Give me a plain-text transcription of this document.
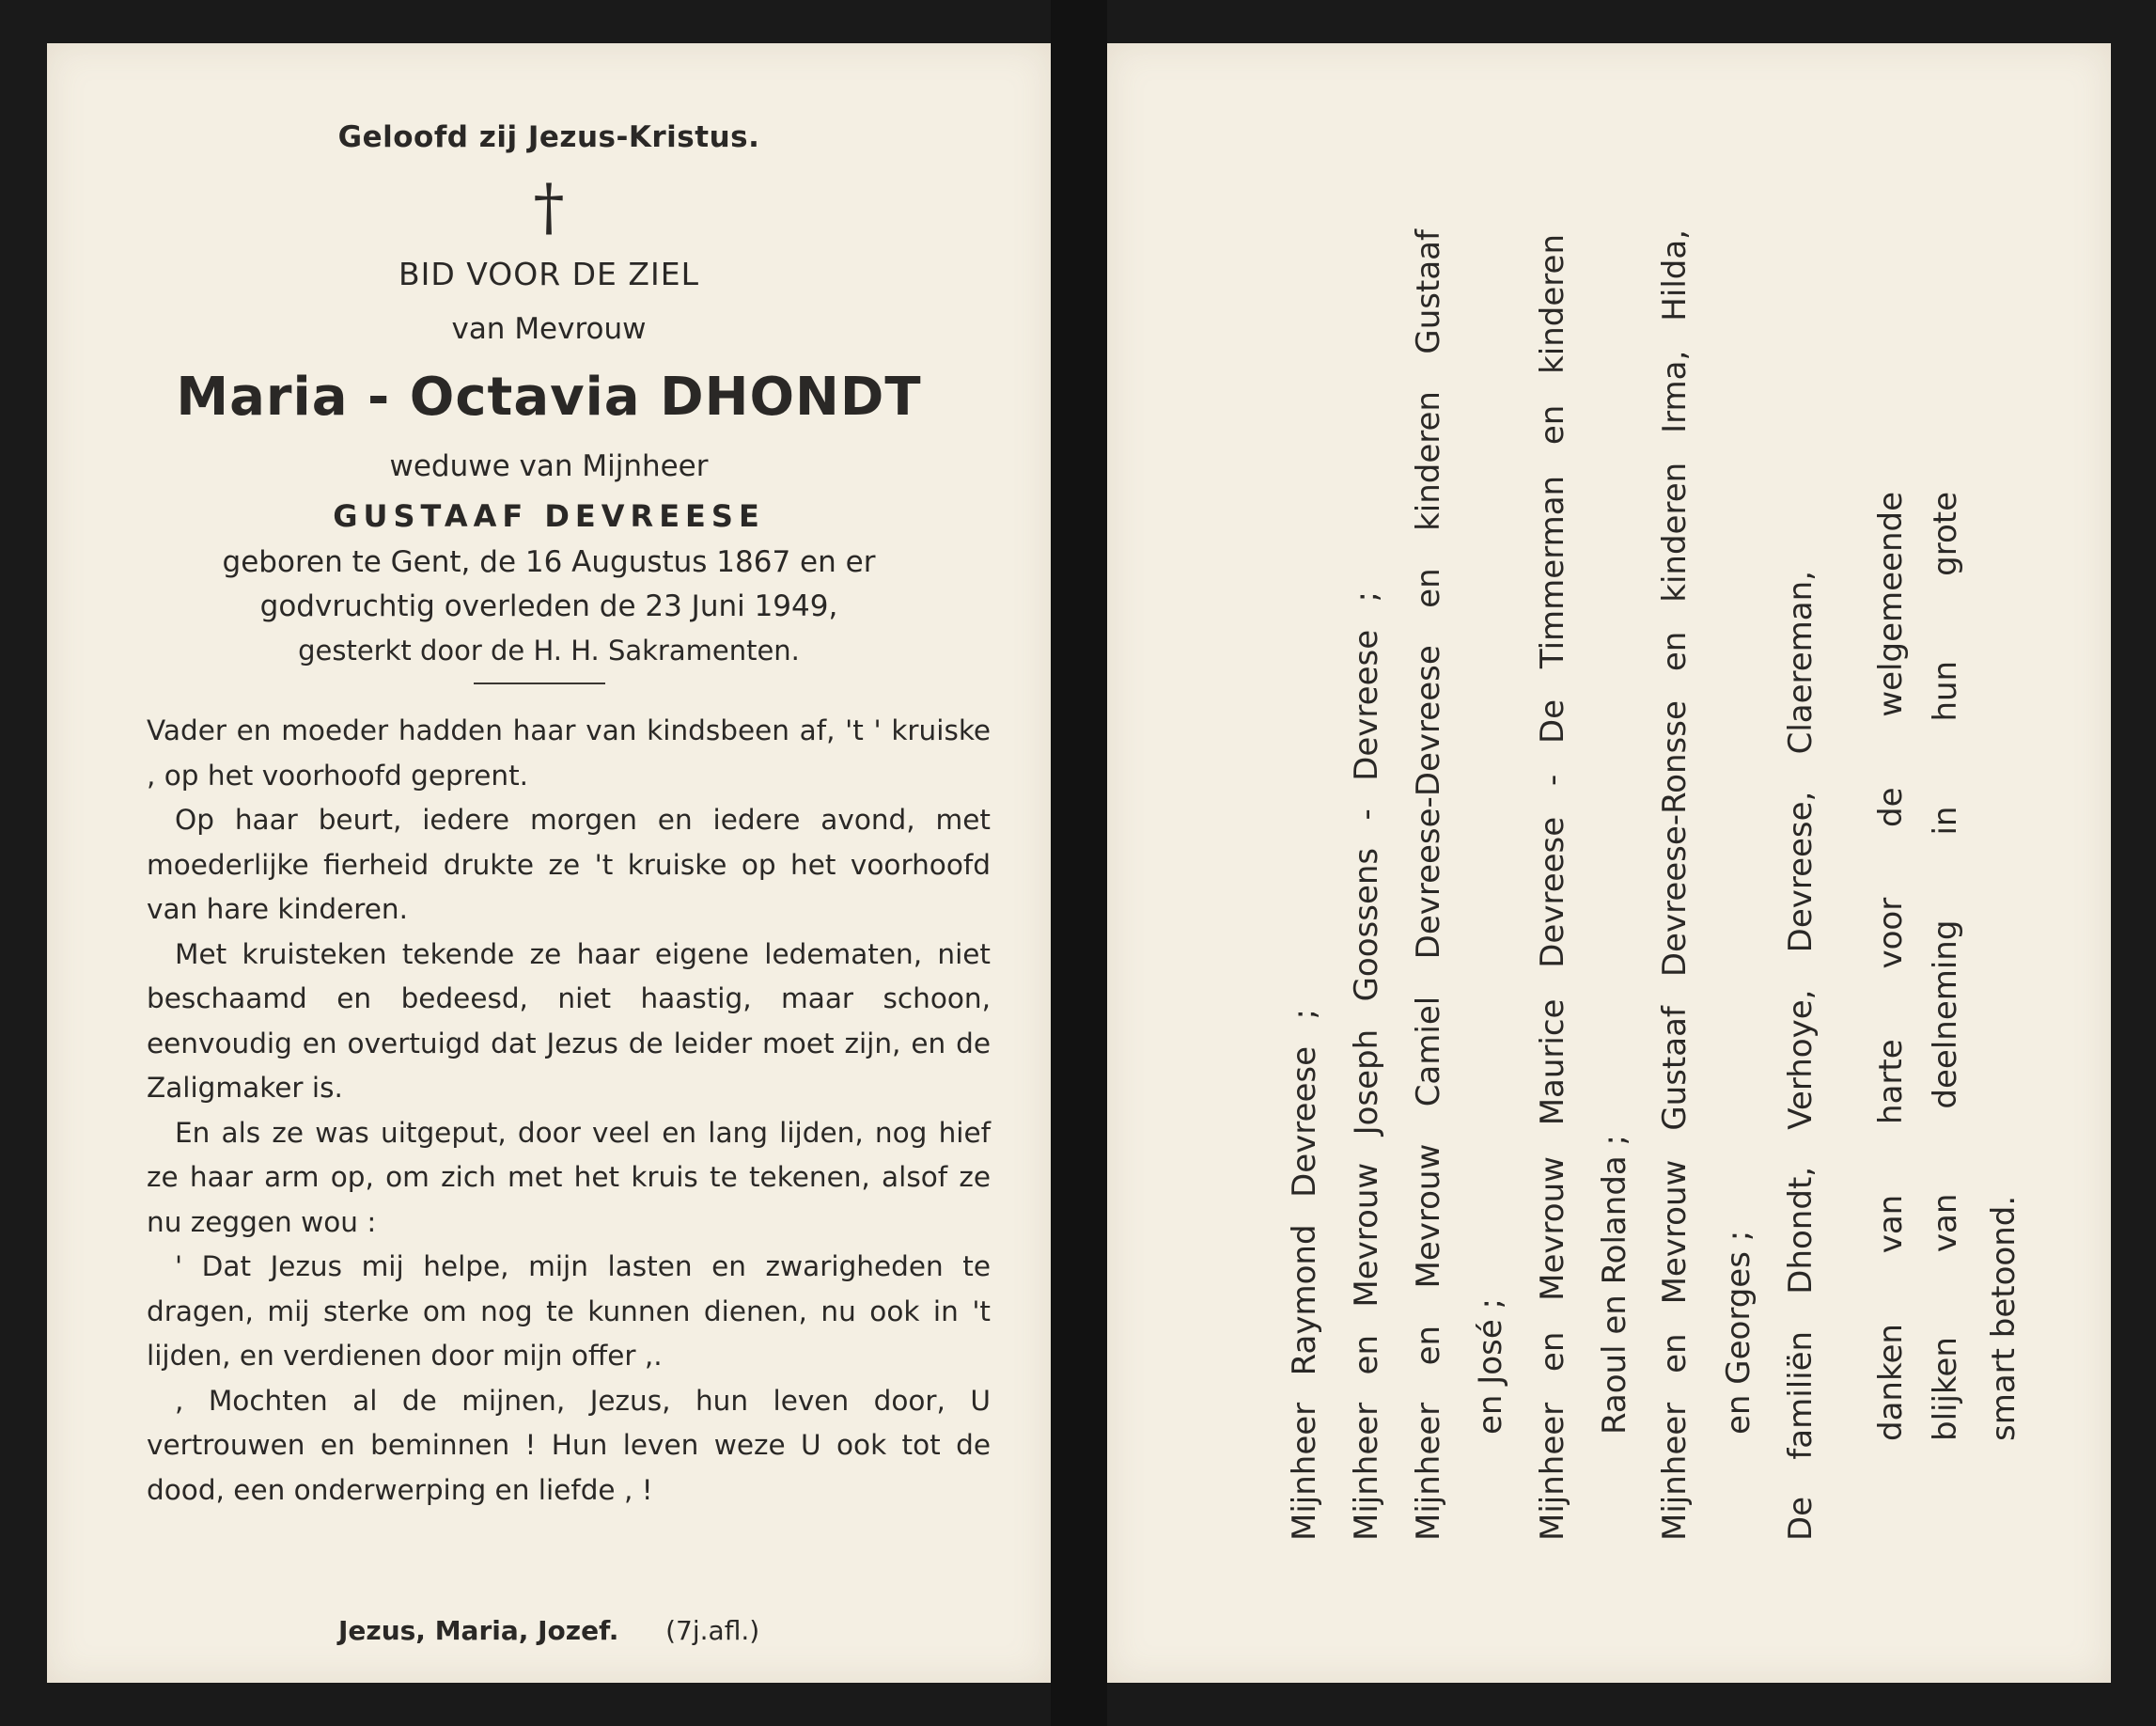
Geloofd zij Jezus-Kristus.
†
BID VOOR DE ZIEL
van Mevrouw
Maria - Octavia DHONDT
weduwe van Mijnheer
GUSTAAF DEVREESE
geboren te Gent, de 16 Augustus 1867 en er
godvruchtig overleden de 23 Juni 1949,
gesterkt door de H. H. Sakramenten.

Vader en moeder hadden haar van kindsbeen af, 't ' kruiske , op het voorhoofd geprent.

Op haar beurt, iedere morgen en iedere avond, met moederlijke fierheid drukte ze 't kruiske op het voorhoofd van hare kinderen.

Met kruisteken tekende ze haar eigene ledematen, niet beschaamd en bedeesd, niet haastig, maar schoon, eenvoudig en overtuigd dat Jezus de leider moet zijn, en de Zaligmaker is.

En als ze was uitgeput, door veel en lang lijden, nog hief ze haar arm op, om zich met het kruis te tekenen, alsof ze nu zeggen wou :

' Dat Jezus mij helpe, mijn lasten en zwarigheden te dragen, mij sterke om nog te kunnen dienen, nu ook in 't lijden, en verdienen door mijn offer ,.

, Mochten al de mijnen, Jezus, hun leven door, U vertrouwen en beminnen ! Hun leven weze U ook tot de dood, een onderwerping en liefde , !

Jezus, Maria, Jozef. (7j.afl.)
Mijnheer Raymond Devreese ; Mijnheer en Mevrouw Joseph Goossens - Devreese ; Mijnheer en Mevrouw Camiel Devreese-Devreese en kinderen Gustaaf en José ; Mijnheer en Mevrouw Maurice Devreese - De Timmerman en kinderen Raoul en Rolanda ; Mijnheer en Mevrouw Gustaaf Devreese-Ronsse en kinderen Irma, Hilda, en Georges ; De familiën Dhondt, Verhoye, Devreese, Claereman, danken van harte voor de welgemeende blijken van deelneming in hun grote smart betoond.
